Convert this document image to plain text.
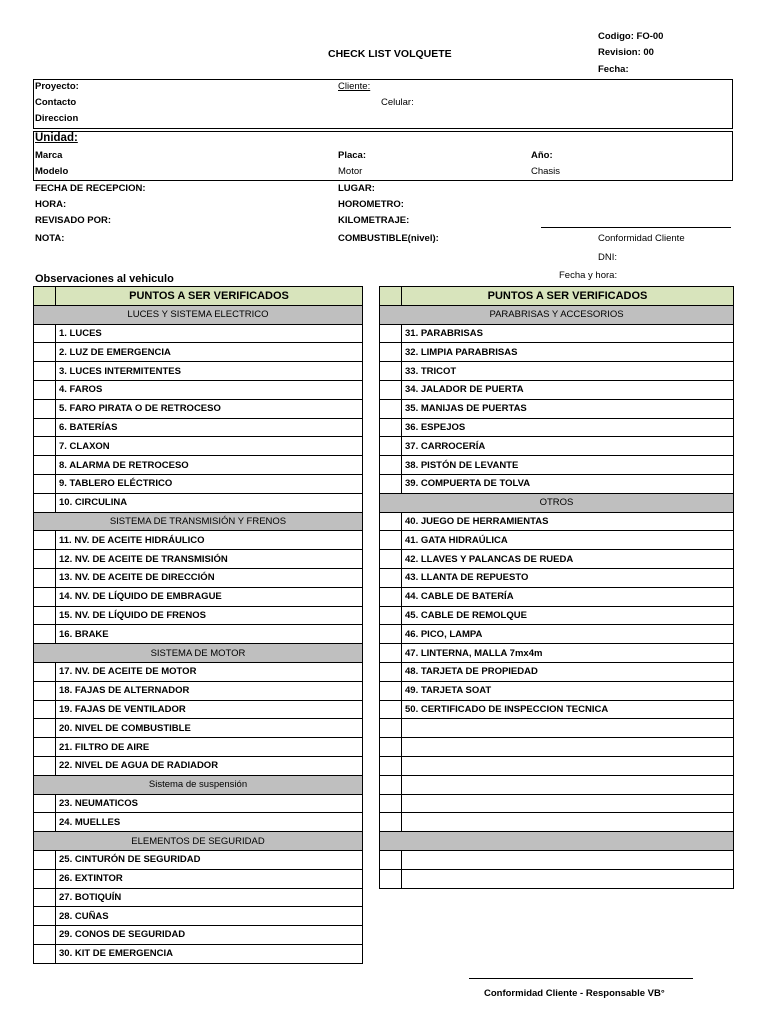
CHECK LIST VOLQUETE
Codigo: FO-00
Revision: 00
Fecha:
Proyecto:
Contacto
Direccion
Cliente:
Celular:
Unidad:
Marca
Modelo
Placa:
Motor
Año:
Chasis
FECHA DE RECEPCION:
HORA:
REVISADO POR:
NOTA:
LUGAR:
HOROMETRO:
KILOMETRAJE:
COMBUSTIBLE(nivel):	Conformidad Cliente
DNI:
Fecha y hora:
Observaciones al vehiculo
	PUNTOS A SER VERIFICADOS
LUCES Y SISTEMA ELECTRICO	
	1. LUCES
	2. LUZ DE EMERGENCIA
	3. LUCES INTERMITENTES
	4. FAROS
	5. FARO PIRATA O DE RETROCESO
	6. BATERÍAS
	7. CLAXON
	8. ALARMA DE RETROCESO
	9. TABLERO ELÉCTRICO
	10. CIRCULINA
SISTEMA DE TRANSMISIÓN Y FRENOS	
	11. NV. DE ACEITE HIDRÁULICO
	12. NV. DE ACEITE DE TRANSMISIÓN
	13. NV. DE ACEITE DE DIRECCIÓN
	14. NV. DE LÍQUIDO DE EMBRAGUE
	15. NV. DE LÍQUIDO DE FRENOS
	16. BRAKE
SISTEMA DE MOTOR	
	17. NV. DE ACEITE DE MOTOR
	18. FAJAS DE ALTERNADOR
	19. FAJAS DE VENTILADOR
	20. NIVEL DE COMBUSTIBLE
	21. FILTRO DE AIRE
	22. NIVEL DE AGUA DE RADIADOR
Sistema de suspensión	
	23. NEUMATICOS
	24. MUELLES
ELEMENTOS DE SEGURIDAD	
	25. CINTURÓN DE SEGURIDAD
	26. EXTINTOR
	27. BOTIQUÍN
	28. CUÑAS
	29. CONOS DE SEGURIDAD
	30. KIT DE EMERGENCIA
	PUNTOS A SER VERIFICADOS
PARABRISAS Y ACCESORIOS	
	31. PARABRISAS
	32. LIMPIA PARABRISAS
	33. TRICOT
	34. JALADOR DE PUERTA
	35. MANIJAS DE PUERTAS
	36. ESPEJOS
	37. CARROCERÍA
	38. PISTÓN DE LEVANTE
	39. COMPUERTA DE TOLVA
OTROS	
	40. JUEGO DE HERRAMIENTAS
	41. GATA HIDRAÚLICA
	42. LLAVES Y PALANCAS DE RUEDA
	43. LLANTA DE REPUESTO
	44. CABLE DE BATERÍA
	45. CABLE DE REMOLQUE
	46. PICO, LAMPA
	47. LINTERNA, MALLA 7mx4m
	48. TARJETA DE PROPIEDAD
	49. TARJETA SOAT
	50. CERTIFICADO DE INSPECCION TECNICA

Conformidad Cliente - Responsable VB°
